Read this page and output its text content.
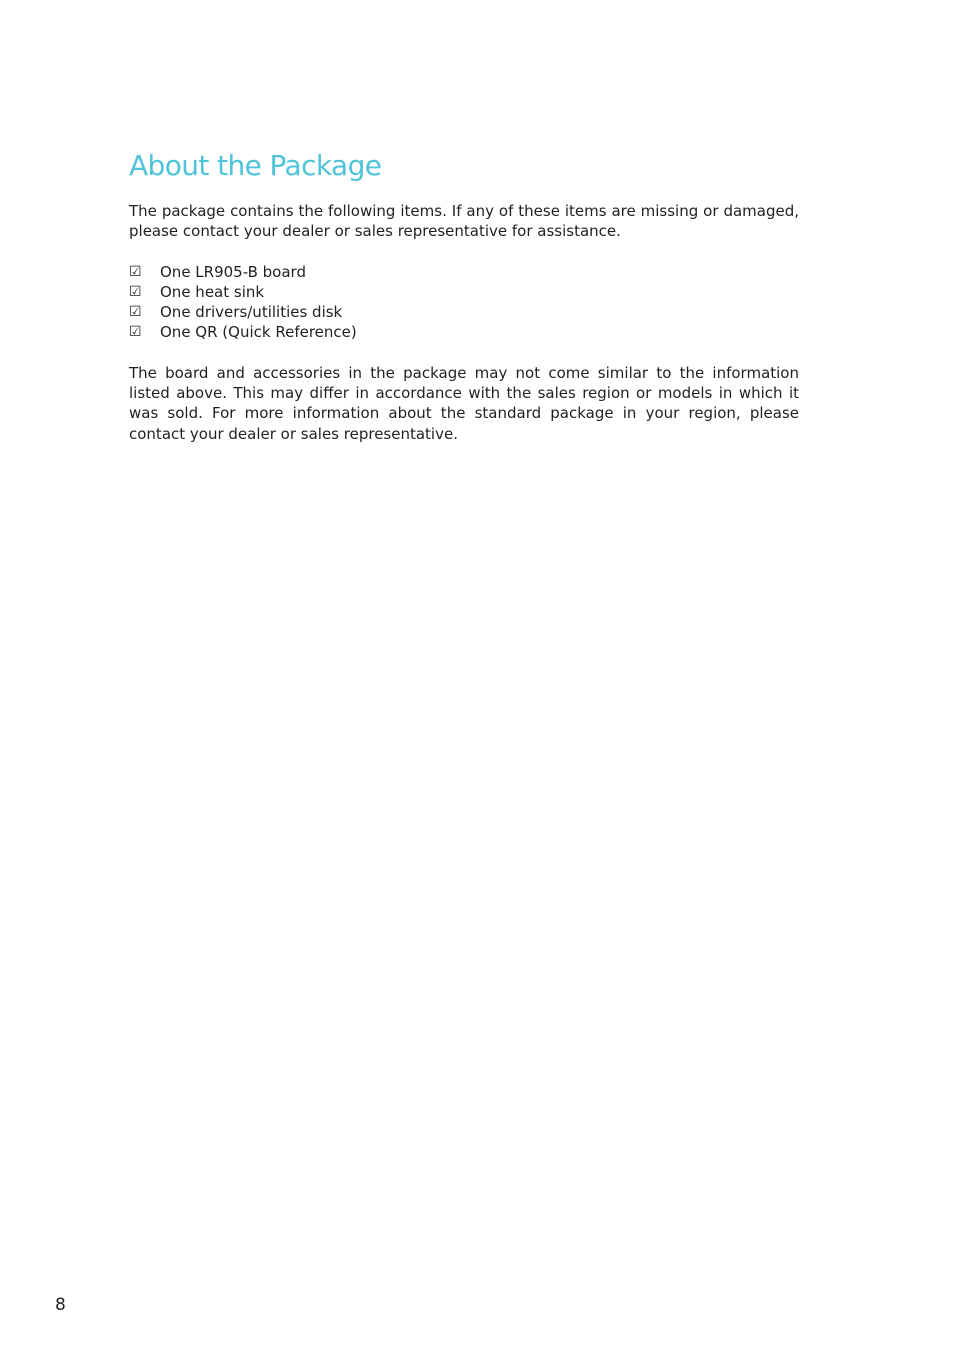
About the Package

The package contains the following items. If any of these items are missing or damaged, please contact your dealer or sales representative for assistance.

☑	One LR905-B board
☑	One heat sink
☑	One drivers/utilities disk
☑	One QR (Quick Reference)

The board and accessories in the package may not come similar to the information listed above. This may differ in accordance with the sales region or models in which it was sold. For more information about the standard package in your region, please contact your dealer or sales representative.

8
